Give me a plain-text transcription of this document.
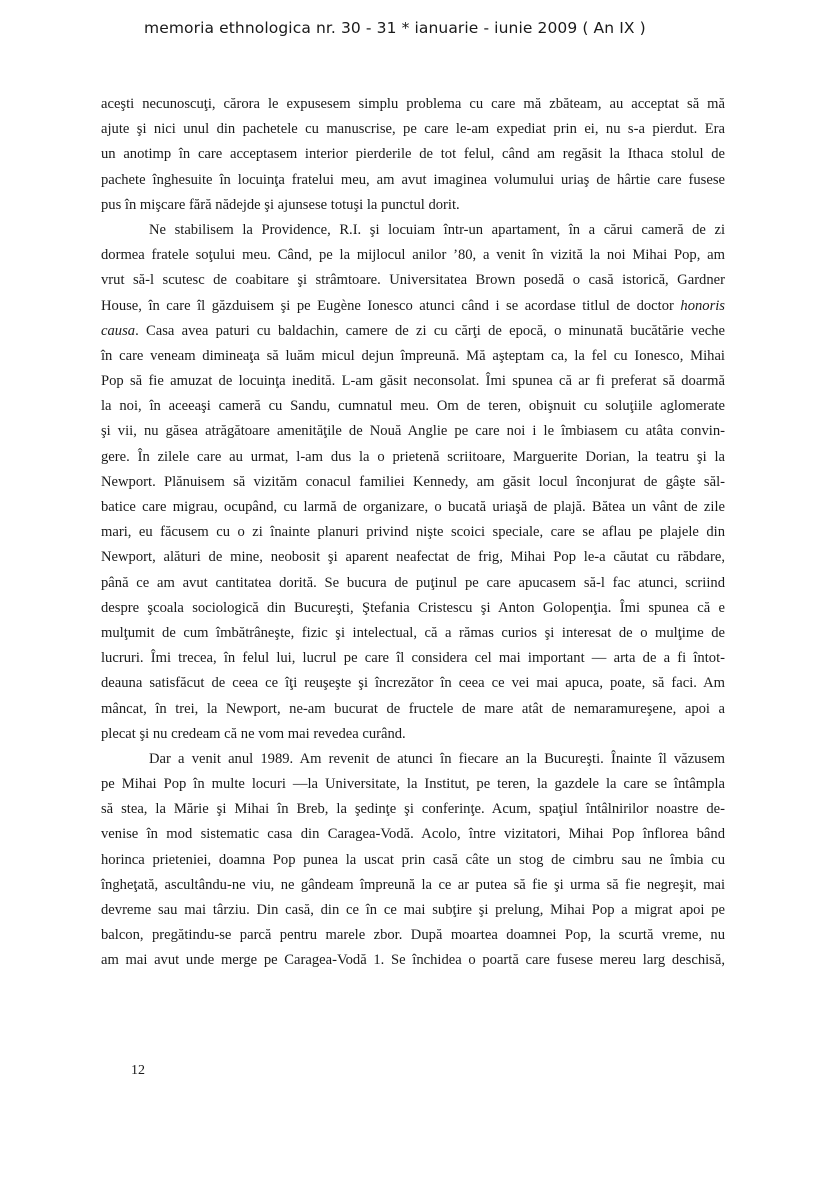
memoria ethnologica nr. 30 - 31 * ianuarie - iunie 2009 ( An IX )
aceşti necunoscuţi, cărora le expusesem simplu problema cu care mă zbăteam, au acceptat să mă
ajute şi nici unul din pachetele cu manuscrise, pe care le-am expediat prin ei, nu s-a pierdut. Era
un anotimp în care acceptasem interior pierderile de tot felul, când am regăsit la Ithaca stolul de
pachete înghesuite în locuinţa fratelui meu, am avut imaginea volumului uriaş de hârtie care fusese
pus în mişcare fără nădejde şi ajunsese totuşi la punctul dorit.
Ne stabilisem la Providence, R.I. şi locuiam într-un apartament, în a cărui cameră de zi
dormea fratele soţului meu. Când, pe la mijlocul anilor ’80, a venit în vizită la noi Mihai Pop, am
vrut să-l scutesc de coabitare şi strâmtoare. Universitatea Brown posedă o casă istorică, Gardner
House, în care îl găzduisem şi pe Eugène Ionesco atunci când i se acordase titlul de doctor honoris
causa. Casa avea paturi cu baldachin, camere de zi cu cărţi de epocă, o minunată bucătărie veche
în care veneam dimineaţa să luăm micul dejun împreună. Mă aşteptam ca, la fel cu Ionesco, Mihai
Pop să fie amuzat de locuinţa inedită. L-am găsit neconsolat. Îmi spunea că ar fi preferat să doarmă
la noi, în aceeaşi cameră cu Sandu, cumnatul meu. Om de teren, obişnuit cu soluţiile aglomerate
şi vii, nu găsea atrăgătoare amenităţile de Nouă Anglie pe care noi i le îmbiasem cu atâta convin-
gere. În zilele care au urmat, l-am dus la o prietenă scriitoare, Marguerite Dorian, la teatru şi la
Newport. Plănuisem să vizităm conacul familiei Kennedy, am găsit locul înconjurat de gâşte săl-
batice care migrau, ocupând, cu larmă de organizare, o bucată uriaşă de plajă. Bătea un vânt de zile
mari, eu făcusem cu o zi înainte planuri privind nişte scoici speciale, care se aflau pe plajele din
Newport, alături de mine, neobosit şi aparent neafectat de frig, Mihai Pop le-a căutat cu răbdare,
până ce am avut cantitatea dorită. Se bucura de puţinul pe care apucasem să-l fac atunci, scriind
despre şcoala sociologică din Bucureşti, Ştefania Cristescu şi Anton Golopenţia. Îmi spunea că e
mulţumit de cum îmbătrâneşte, fizic şi intelectual, că a rămas curios şi interesat de o mulţime de
lucruri. Îmi trecea, în felul lui, lucrul pe care îl considera cel mai important — arta de a fi întot-
deauna satisfăcut de ceea ce îţi reuşeşte şi încrezător în ceea ce vei mai apuca, poate, să faci. Am
mâncat, în trei, la Newport, ne-am bucurat de fructele de mare atât de nemaramureşene, apoi a
plecat şi nu credeam că ne vom mai revedea curând.
Dar a venit anul 1989. Am revenit de atunci în fiecare an la Bucureşti. Înainte îl văzusem
pe Mihai Pop în multe locuri —la Universitate, la Institut, pe teren, la gazdele la care se întâmpla
să stea, la Mărie şi Mihai în Breb, la şedinţe şi conferinţe. Acum, spaţiul întâlnirilor noastre de-
venise în mod sistematic casa din Caragea-Vodă. Acolo, între vizitatori, Mihai Pop înflorea bând
horinca prieteniei, doamna Pop punea la uscat prin casă câte un stog de cimbru sau ne îmbia cu
îngheţată, ascultându-ne viu, ne gândeam împreună la ce ar putea să fie şi urma să fie negreşit, mai
devreme sau mai târziu. Din casă, din ce în ce mai subţire şi prelung, Mihai Pop a migrat apoi pe
balcon, pregătindu-se parcă pentru marele zbor. După moartea doamnei Pop, la scurtă vreme, nu
am mai avut unde merge pe Caragea-Vodă 1. Se închidea o poartă care fusese mereu larg deschisă,
12
